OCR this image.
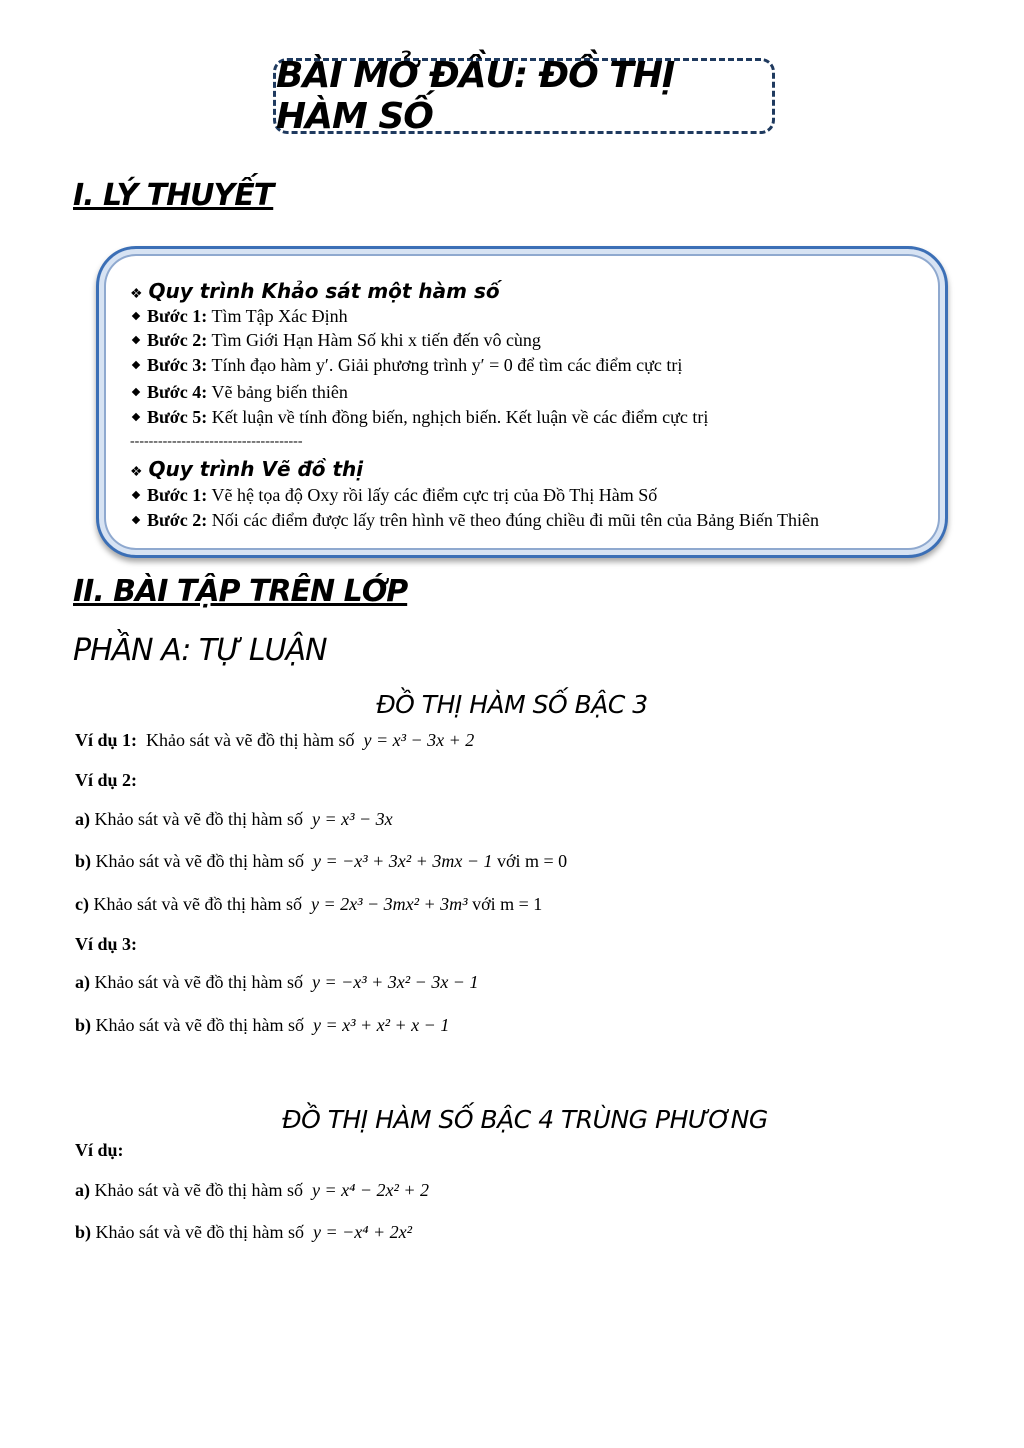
BÀI MỞ ĐẦU: ĐỒ THỊ HÀM SỐ
I. LÝ THUYẾT
❖ Quy trình Khảo sát một hàm số
Bước 1: Tìm Tập Xác Định
Bước 2: Tìm Giới Hạn Hàm Số khi x tiến đến vô cùng
Bước 3: Tính đạo hàm y′. Giải phương trình y′ = 0 để tìm các điểm cực trị
Bước 4: Vẽ bảng biến thiên
Bước 5: Kết luận về tính đồng biến, nghịch biến. Kết luận về các điểm cực trị
-------------------------------------
❖ Quy trình Vẽ đồ thị
Bước 1: Vẽ hệ tọa độ Oxy rồi lấy các điểm cực trị của Đồ Thị Hàm Số
Bước 2: Nối các điểm được lấy trên hình vẽ theo đúng chiều đi mũi tên của Bảng Biến Thiên
II. BÀI TẬP TRÊN LỚP
PHẦN A: TỰ LUẬN
ĐỒ THỊ HÀM SỐ BẬC 3
Ví dụ 1: Khảo sát và vẽ đồ thị hàm số y = x³ − 3x + 2
Ví dụ 2:
a) Khảo sát và vẽ đồ thị hàm số y = x³ − 3x
b) Khảo sát và vẽ đồ thị hàm số y = −x³ + 3x² + 3mx − 1 với m = 0
c) Khảo sát và vẽ đồ thị hàm số y = 2x³ − 3mx² + 3m³ với m = 1
Ví dụ 3:
a) Khảo sát và vẽ đồ thị hàm số y = −x³ + 3x² − 3x − 1
b) Khảo sát và vẽ đồ thị hàm số y = x³ + x² + x − 1
ĐỒ THỊ HÀM SỐ BẬC 4 TRÙNG PHƯƠNG
Ví dụ:
a) Khảo sát và vẽ đồ thị hàm số y = x⁴ − 2x² + 2
b) Khảo sát và vẽ đồ thị hàm số y = −x⁴ + 2x²
